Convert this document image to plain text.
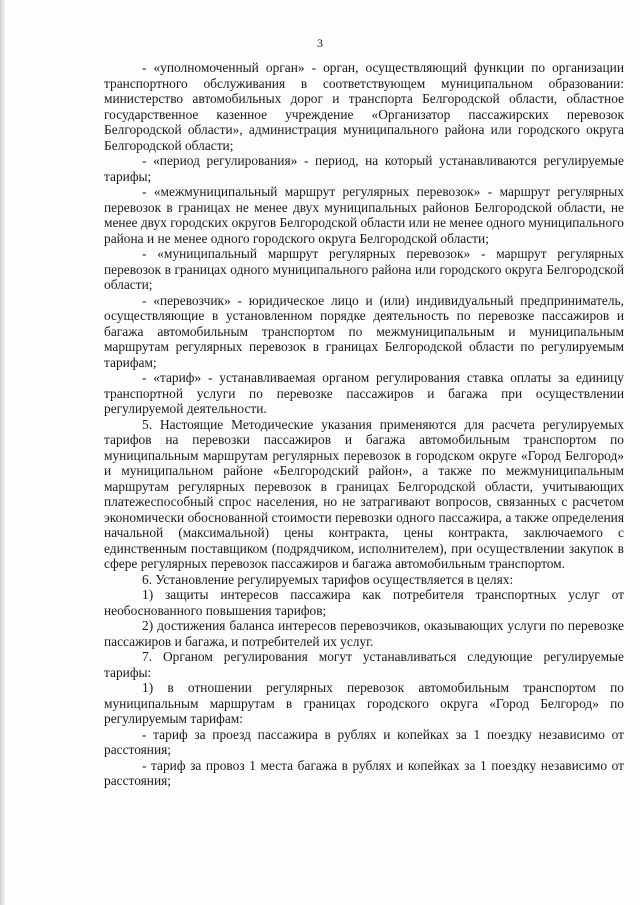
3

- «уполномоченный орган» - орган, осуществляющий функции по организации транспортного обслуживания в соответствующем муниципальном образовании: министерство автомобильных дорог и транспорта Белгородской области, областное государственное казенное учреждение «Организатор пассажирских перевозок Белгородской области», администрация муниципального района или городского округа Белгородской области;

- «период регулирования» - период, на который устанавливаются регулируемые тарифы;

- «межмуниципальный маршрут регулярных перевозок» - маршрут регулярных перевозок в границах не менее двух муниципальных районов Белгородской области, не менее двух городских округов Белгородской области или не менее одного муниципального района и не менее одного городского округа Белгородской области;

- «муниципальный маршрут регулярных перевозок» - маршрут регулярных перевозок в границах одного муниципального района или городского округа Белгородской области;

- «перевозчик» - юридическое лицо и (или) индивидуальный предприниматель, осуществляющие в установленном порядке деятельность по перевозке пассажиров и багажа автомобильным транспортом по межмуниципальным и муниципальным маршрутам регулярных перевозок в границах Белгородской области по регулируемым тарифам;

- «тариф» - устанавливаемая органом регулирования ставка оплаты за единицу транспортной услуги по перевозке пассажиров и багажа при осуществлении регулируемой деятельности.

5. Настоящие Методические указания применяются для расчета регулируемых тарифов на перевозки пассажиров и багажа автомобильным транспортом по муниципальным маршрутам регулярных перевозок в городском округе «Город Белгород» и муниципальном районе «Белгородский район», а также по межмуниципальным маршрутам регулярных перевозок в границах Белгородской области, учитывающих платежеспособный спрос населения, но не затрагивают вопросов, связанных с расчетом экономически обоснованной стоимости перевозки одного пассажира, а также определения начальной (максимальной) цены контракта, цены контракта, заключаемого с единственным поставщиком (подрядчиком, исполнителем), при осуществлении закупок в сфере регулярных перевозок пассажиров и багажа автомобильным транспортом.

6. Установление регулируемых тарифов осуществляется в целях:

1) защиты интересов пассажира как потребителя транспортных услуг от необоснованного повышения тарифов;

2) достижения баланса интересов перевозчиков, оказывающих услуги по перевозке пассажиров и багажа, и потребителей их услуг.

7. Органом регулирования могут устанавливаться следующие регулируемые тарифы:

1) в отношении регулярных перевозок автомобильным транспортом по муниципальным маршрутам в границах городского округа «Город Белгород» по регулируемым тарифам:

- тариф за проезд пассажира в рублях и копейках за 1 поездку независимо от расстояния;

- тариф за провоз 1 места багажа в рублях и копейках за 1 поездку независимо от расстояния;
